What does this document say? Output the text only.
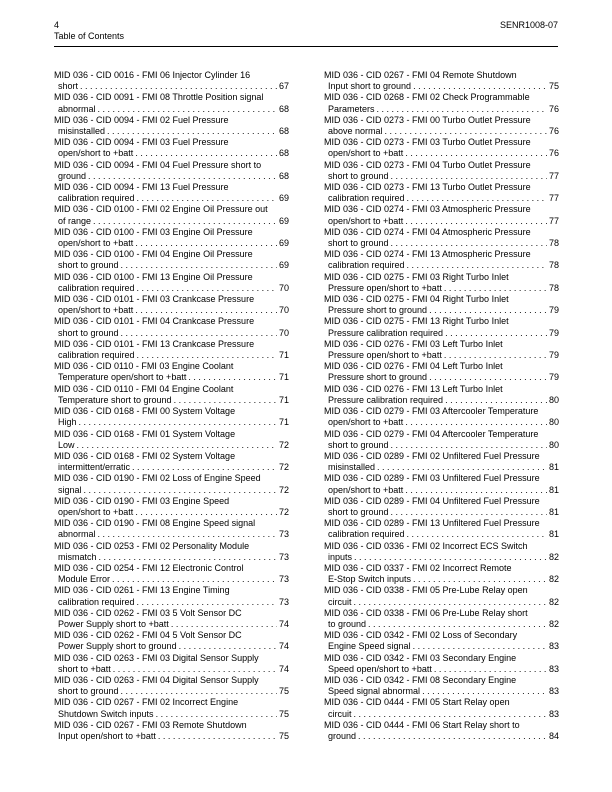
4
Table of Contents
SENR1008-07
MID 036 - CID 0016 - FMI 06 Injector Cylinder 16
short . . .	67
MID 036 - CID 0091 - FMI 08 Throttle Position signal
abnormal . . .	68
MID 036 - CID 0094 - FMI 02 Fuel Pressure
misinstalled . . .	68
MID 036 - CID 0094 - FMI 03 Fuel Pressure
open/short to +batt . . .	68
MID 036 - CID 0094 - FMI 04 Fuel Pressure short to
ground . . .	68
MID 036 - CID 0094 - FMI 13 Fuel Pressure
calibration required . . .	69
MID 036 - CID 0100 - FMI 02 Engine Oil Pressure out
of range . . .	69
MID 036 - CID 0100 - FMI 03 Engine Oil Pressure
open/short to +batt . . .	69
MID 036 - CID 0100 - FMI 04 Engine Oil Pressure
short to ground . . .	69
MID 036 - CID 0100 - FMI 13 Engine Oil Pressure
calibration required . . .	70
MID 036 - CID 0101 - FMI 03 Crankcase Pressure
open/short to +batt . . .	70
MID 036 - CID 0101 - FMI 04 Crankcase Pressure
short to ground . . .	70
MID 036 - CID 0101 - FMI 13 Crankcase Pressure
calibration required . . .	71
MID 036 - CID 0110 - FMI 03 Engine Coolant
Temperature open/short to +batt . . .	71
MID 036 - CID 0110 - FMI 04 Engine Coolant
Temperature short to ground . . .	71
MID 036 - CID 0168 - FMI 00 System Voltage
High . . .	71
MID 036 - CID 0168 - FMI 01 System Voltage
Low . . .	72
MID 036 - CID 0168 - FMI 02 System Voltage
intermittent/erratic . . .	72
MID 036 - CID 0190 - FMI 02 Loss of Engine Speed
signal . . .	72
MID 036 - CID 0190 - FMI 03 Engine Speed
open/short to +batt . . .	72
MID 036 - CID 0190 - FMI 08 Engine Speed signal
abnormal . . .	73
MID 036 - CID 0253 - FMI 02 Personality Module
mismatch . . .	73
MID 036 - CID 0254 - FMI 12 Electronic Control
Module Error . . .	73
MID 036 - CID 0261 - FMI 13 Engine Timing
calibration required . . .	73
MID 036 - CID 0262 - FMI 03 5 Volt Sensor DC
Power Supply short to +batt . . .	74
MID 036 - CID 0262 - FMI 04 5 Volt Sensor DC
Power Supply short to ground . . .	74
MID 036 - CID 0263 - FMI 03 Digital Sensor Supply
short to +batt . . .	74
MID 036 - CID 0263 - FMI 04 Digital Sensor Supply
short to ground . . .	75
MID 036 - CID 0267 - FMI 02 Incorrect Engine
Shutdown Switch inputs . . .	75
MID 036 - CID 0267 - FMI 03 Remote Shutdown
Input open/short to +batt . . .	75
MID 036 - CID 0267 - FMI 04 Remote Shutdown
Input short to ground . . .	75
MID 036 - CID 0268 - FMI 02 Check Programmable
Parameters . . .	76
MID 036 - CID 0273 - FMI 00 Turbo Outlet Pressure
above normal . . .	76
MID 036 - CID 0273 - FMI 03 Turbo Outlet Pressure
open/short to +batt . . .	76
MID 036 - CID 0273 - FMI 04 Turbo Outlet Pressure
short to ground . . .	77
MID 036 - CID 0273 - FMI 13 Turbo Outlet Pressure
calibration required . . .	77
MID 036 - CID 0274 - FMI 03 Atmospheric Pressure
open/short to +batt . . .	77
MID 036 - CID 0274 - FMI 04 Atmospheric Pressure
short to ground . . .	78
MID 036 - CID 0274 - FMI 13 Atmospheric Pressure
calibration required . . .	78
MID 036 - CID 0275 - FMI 03 Right Turbo Inlet
Pressure open/short to +batt . . .	78
MID 036 - CID 0275 - FMI 04 Right Turbo Inlet
Pressure short to ground . . .	79
MID 036 - CID 0275 - FMI 13 Right Turbo Inlet
Pressure calibration required . . .	79
MID 036 - CID 0276 - FMI 03 Left Turbo Inlet
Pressure open/short to +batt . . .	79
MID 036 - CID 0276 - FMI 04 Left Turbo Inlet
Pressure short to ground . . .	79
MID 036 - CID 0276 - FMI 13 Left Turbo Inlet
Pressure calibration required . . .	80
MID 036 - CID 0279 - FMI 03 Aftercooler Temperature
open/short to +batt . . .	80
MID 036 - CID 0279 - FMI 04 Aftercooler Temperature
short to ground . . .	80
MID 036 - CID 0289 - FMI 02 Unfiltered Fuel Pressure
misinstalled . . .	81
MID 036 - CID 0289 - FMI 03 Unfiltered Fuel Pressure
open/short to +batt . . .	81
MID 036 - CID 0289 - FMI 04 Unfiltered Fuel Pressure
short to ground . . .	81
MID 036 - CID 0289 - FMI 13 Unfiltered Fuel Pressure
calibration required . . .	81
MID 036 - CID 0336 - FMI 02 Incorrect ECS Switch
inputs . . .	82
MID 036 - CID 0337 - FMI 02 Incorrect Remote
E-Stop Switch inputs . . .	82
MID 036 - CID 0338 - FMI 05 Pre-Lube Relay open
circuit . . .	82
MID 036 - CID 0338 - FMI 06 Pre-Lube Relay short
to ground . . .	82
MID 036 - CID 0342 - FMI 02 Loss of Secondary
Engine Speed signal . . .	83
MID 036 - CID 0342 - FMI 03 Secondary Engine
Speed open/short to +batt . . .	83
MID 036 - CID 0342 - FMI 08 Secondary Engine
Speed signal abnormal . . .	83
MID 036 - CID 0444 - FMI 05 Start Relay open
circuit . . .	83
MID 036 - CID 0444 - FMI 06 Start Relay short to
ground . . .	84
